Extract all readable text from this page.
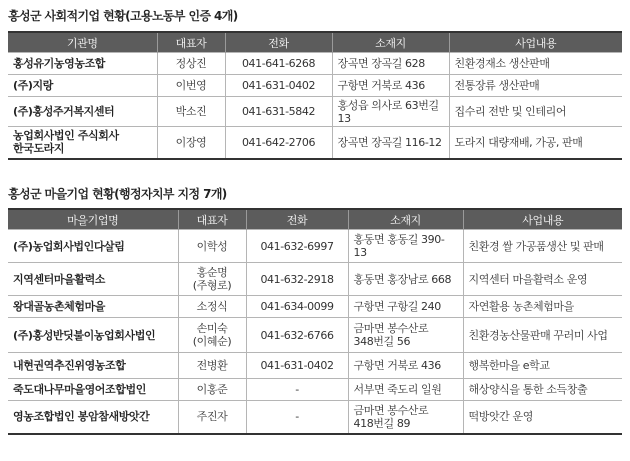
홍성군 사회적기업 현황(고용노동부 인증 4개)
기관명	대표자	전화	소재지	사업내용
홍성유기농영농조합	정상진	041-641-6268	장곡면 장곡길 628	친환경재소 생산판매
(주)지랑	이번영	041-631-0402	구항면 거북로 436	전통장류 생산판매
(주)홍성주거복지센터	박소진	041-631-5842	홍성읍 의사로 63번길 13	집수리 전반 및 인테리어
농업회사법인 주식회사 한국도라지	이장영	041-642-2706	장곡면 장곡길 116-12	도라지 대량재배, 가공, 판매
홍성군 마을기업 현황(행정자치부 지정 7개)
마을기업명	대표자	전화	소재지	사업내용
(주)농업회사법인다살림	이학성	041-632-6997	홍동면 홍동길 390-13	친환경 쌀 가공품생산 및 판매
지역센터마을활력소	홍순명 (주형로)	041-632-2918	홍동면 홍장남로 668	지역센터 마을활력소 운영
왕대골농촌체험마을	소정식	041-634-0099	구항면 구항길 240	자연활용 농촌체험마을
(주)홍성반딧불이농업회사법인	손미숙 (이혜순)	041-632-6766	금마면 봉수산로 348번길 56	친환경농산물판매 꾸러미 사업
내현권역추진위영농조합	전병환	041-631-0402	구항면 거북로 436	행복한마을 e학교
죽도대나무마을영어조합법인	이홍준	-	서부면 죽도리 일원	해상양식을 통한 소득창출
영농조합법인 봉암참새방앗간	주진자	-	금마면 봉수산로 418번길 89	떡방앗간 운영
